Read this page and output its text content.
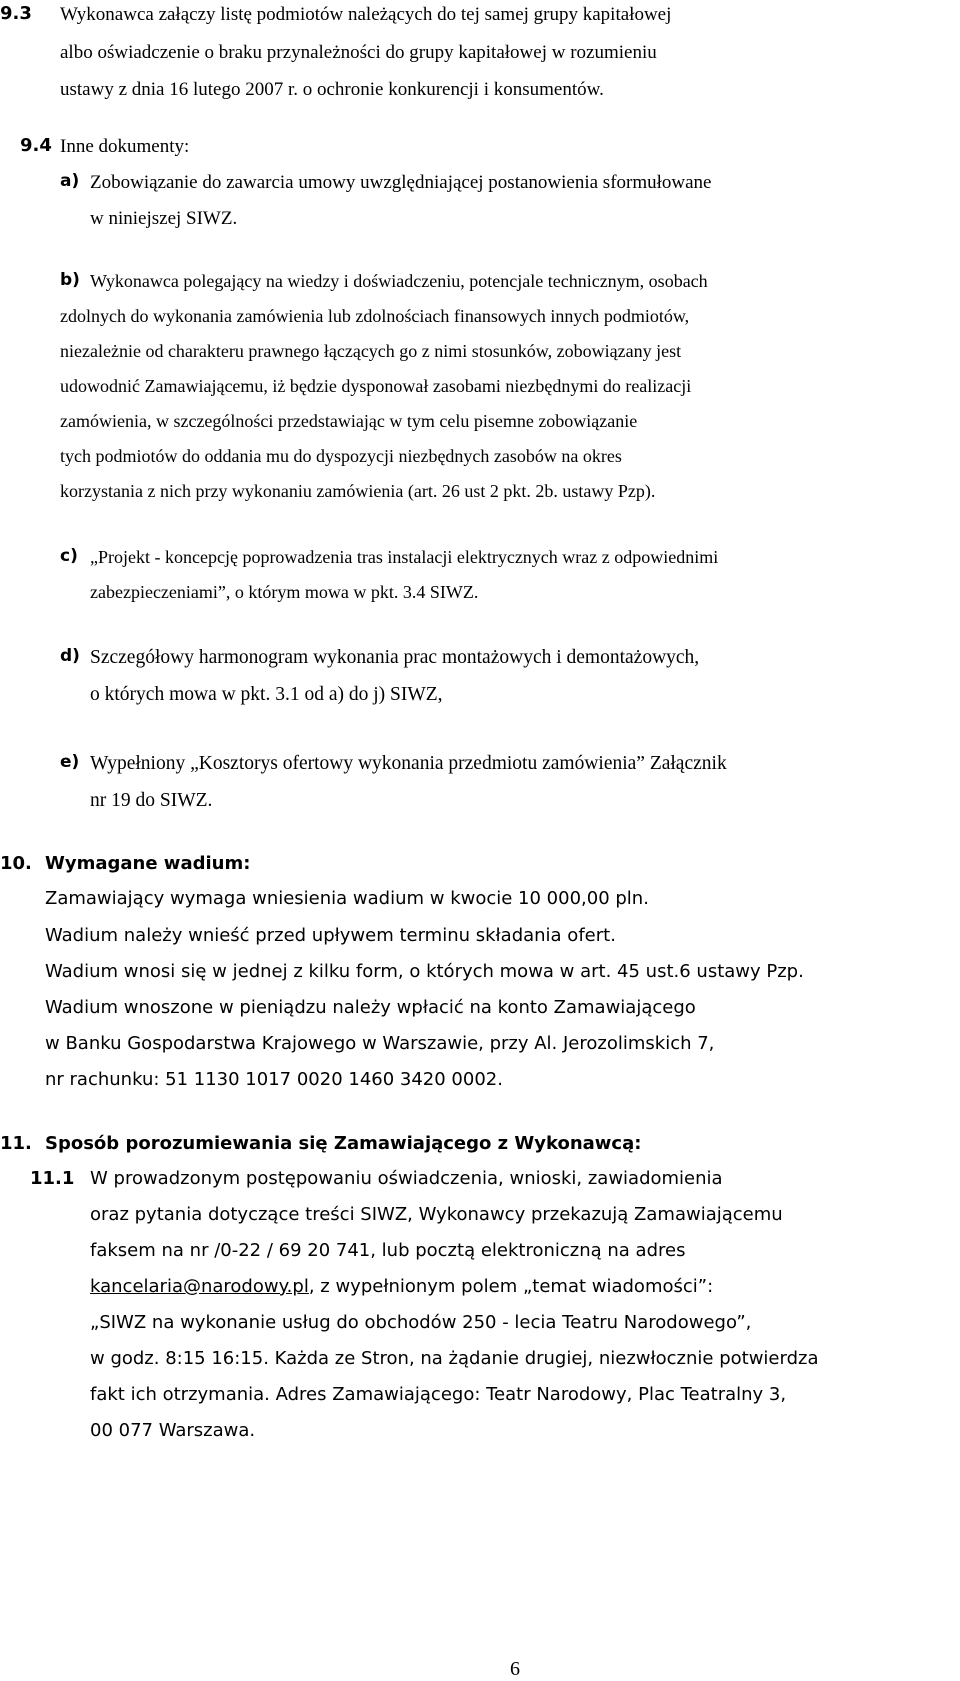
9.3 Wykonawca załączy listę podmiotów należących do tej samej grupy kapitałowej
albo oświadczenie o braku przynależności do grupy kapitałowej w rozumieniu
ustawy z dnia 16 lutego 2007 r. o ochronie konkurencji i konsumentów.
9.4 Inne dokumenty:
a) Zobowiązanie do zawarcia umowy uwzględniającej postanowienia sformułowane
w niniejszej SIWZ.
b) Wykonawca polegający na wiedzy i doświadczeniu, potencjale technicznym, osobach
zdolnych do wykonania zamówienia lub zdolnościach finansowych innych podmiotów,
niezależnie od charakteru prawnego łączących go z nimi stosunków, zobowiązany jest
udowodnić Zamawiającemu, iż będzie dysponował zasobami niezbędnymi do realizacji
zamówienia, w szczególności przedstawiając w tym celu pisemne zobowiązanie
tych podmiotów do oddania mu do dyspozycji niezbędnych zasobów na okres
korzystania z nich przy wykonaniu zamówienia (art. 26 ust 2 pkt. 2b. ustawy Pzp).
c) „Projekt - koncepcję poprowadzenia tras instalacji elektrycznych wraz z odpowiednimi
zabezpieczeniami”, o którym mowa w pkt. 3.4 SIWZ.
d) Szczegółowy harmonogram wykonania prac montażowych i demontażowych,
o których mowa w pkt. 3.1 od a) do j) SIWZ,
e) Wypełniony „Kosztorys ofertowy wykonania przedmiotu zamówienia” Załącznik
nr 19 do SIWZ.
10. Wymagane wadium:
Zamawiający wymaga wniesienia wadium w kwocie 10 000,00 pln.
Wadium należy wnieść przed upływem terminu składania ofert.
Wadium wnosi się w jednej z kilku form, o których mowa w art. 45 ust.6 ustawy Pzp.
Wadium wnoszone w pieniądzu należy wpłacić na konto Zamawiającego
w Banku Gospodarstwa Krajowego w Warszawie, przy Al. Jerozolimskich 7,
nr rachunku: 51 1130 1017 0020 1460 3420 0002.
11. Sposób porozumiewania się Zamawiającego z Wykonawcą:
11.1 W prowadzonym postępowaniu oświadczenia, wnioski, zawiadomienia
oraz pytania dotyczące treści SIWZ, Wykonawcy przekazują Zamawiającemu
faksem na nr /0-22 / 69 20 741, lub pocztą elektroniczną na adres
kancelaria@narodowy.pl, z wypełnionym polem „temat wiadomości”:
„SIWZ na wykonanie usług do obchodów 250 - lecia Teatru Narodowego”,
w godz. 8:15 16:15. Każda ze Stron, na żądanie drugiej, niezwłocznie potwierdza
fakt ich otrzymania. Adres Zamawiającego: Teatr Narodowy, Plac Teatralny 3,
00 077 Warszawa.
6
